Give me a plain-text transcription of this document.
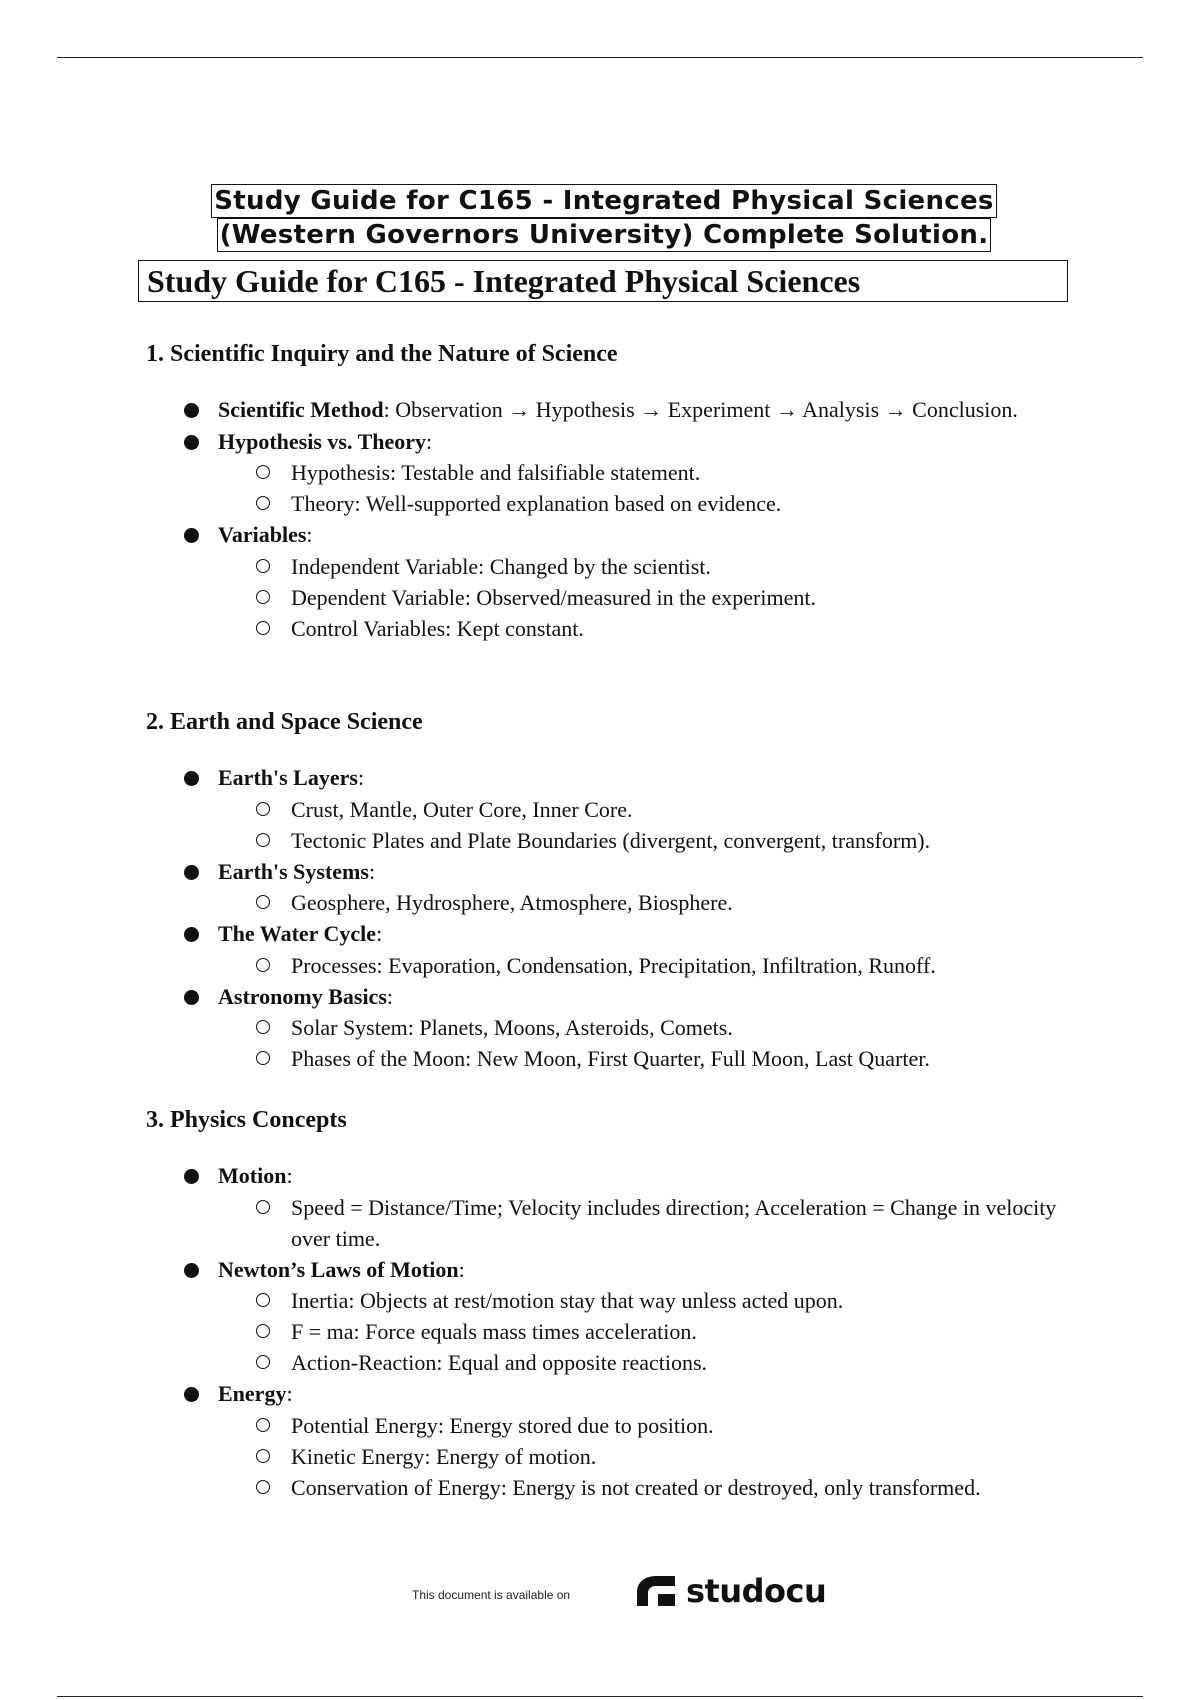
Study Guide for C165 - Integrated Physical Sciences
(Western Governors University) Complete Solution.
Study Guide for C165 - Integrated Physical Sciences
1. Scientific Inquiry and the Nature of Science
Scientific Method: Observation → Hypothesis → Experiment → Analysis → Conclusion.
Hypothesis vs. Theory:
Hypothesis: Testable and falsifiable statement.
Theory: Well-supported explanation based on evidence.
Variables:
Independent Variable: Changed by the scientist.
Dependent Variable: Observed/measured in the experiment.
Control Variables: Kept constant.
2. Earth and Space Science
Earth's Layers:
Crust, Mantle, Outer Core, Inner Core.
Tectonic Plates and Plate Boundaries (divergent, convergent, transform).
Earth's Systems:
Geosphere, Hydrosphere, Atmosphere, Biosphere.
The Water Cycle:
Processes: Evaporation, Condensation, Precipitation, Infiltration, Runoff.
Astronomy Basics:
Solar System: Planets, Moons, Asteroids, Comets.
Phases of the Moon: New Moon, First Quarter, Full Moon, Last Quarter.
3. Physics Concepts
Motion:
Speed = Distance/Time; Velocity includes direction; Acceleration = Change in velocity over time.
Newton’s Laws of Motion:
Inertia: Objects at rest/motion stay that way unless acted upon.
F = ma: Force equals mass times acceleration.
Action-Reaction: Equal and opposite reactions.
Energy:
Potential Energy: Energy stored due to position.
Kinetic Energy: Energy of motion.
Conservation of Energy: Energy is not created or destroyed, only transformed.
This document is available on	studocu
